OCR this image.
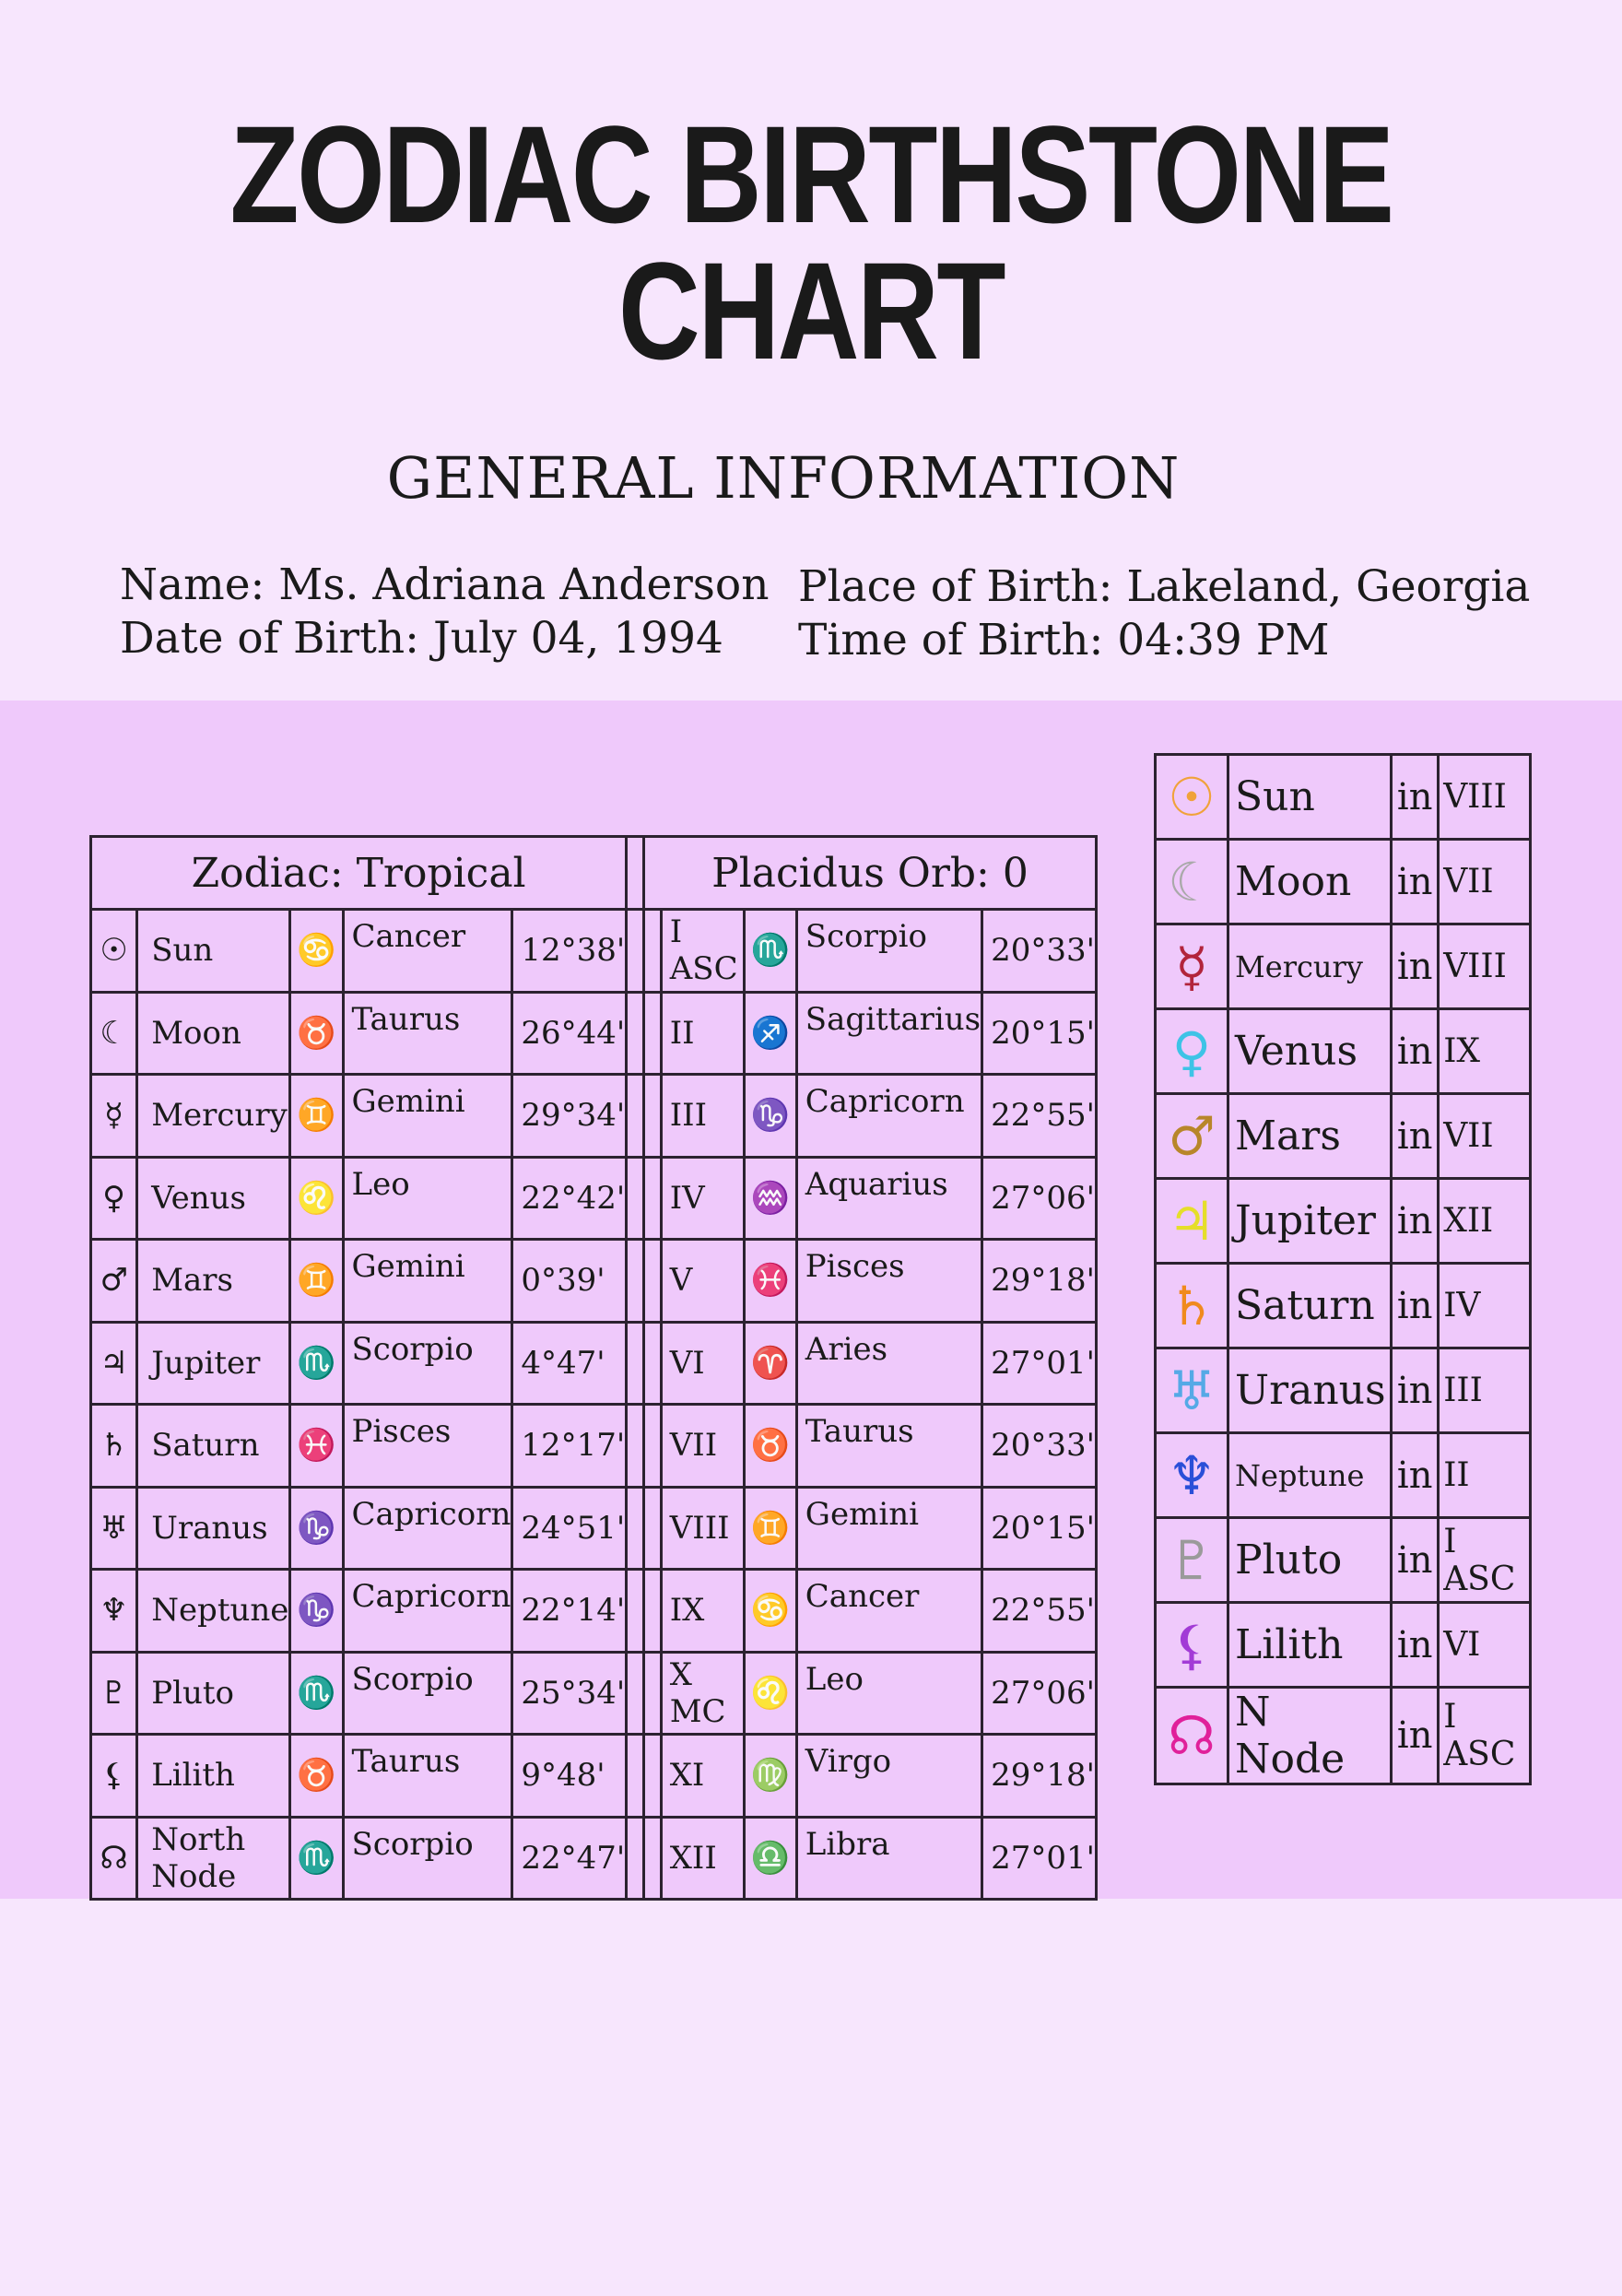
ZODIAC BIRTHSTONE
CHART
GENERAL INFORMATION
Name: Ms. Adriana Anderson
Date of Birth: July 04, 1994
Place of Birth: Lakeland, Georgia
Time of Birth: 04:39 PM
Zodiac: Tropical						Placidus Orb: 0				
☉	Sun	♋	Cancer	12°38'			I ASC	♏	Scorpio	20°33'
☾	Moon	♉	Taurus	26°44'			II	♐	Sagittarius	20°15'
☿	Mercury	♊	Gemini	29°34'			III	♑	Capricorn	22°55'
♀	Venus	♌	Leo	22°42'			IV	♒	Aquarius	27°06'
♂	Mars	♊	Gemini	0°39'			V	♓	Pisces	29°18'
♃	Jupiter	♏	Scorpio	4°47'			VI	♈	Aries	27°01'
♄	Saturn	♓	Pisces	12°17'			VII	♉	Taurus	20°33'
♅	Uranus	♑	Capricorn	24°51'			VIII	♊	Gemini	20°15'
♆	Neptune	♑	Capricorn	22°14'			IX	♋	Cancer	22°55'
♇	Pluto	♏	Scorpio	25°34'			X MC	♌	Leo	27°06'
⚸	Lilith	♉	Taurus	9°48'			XI	♍	Virgo	29°18'
☊	North Node	♏	Scorpio	22°47'			XII	♎	Libra	27°01'
☉	Sun	in	VIII
☾	Moon	in	VII
☿	Mercury	in	VIII
♀	Venus	in	IX
♂	Mars	in	VII
♃	Jupiter	in	XII
♄	Saturn	in	IV
♅	Uranus	in	III
♆	Neptune	in	II
♇	Pluto	in	I ASC
⚸	Lilith	in	VI
☊	N Node	in	I ASC
